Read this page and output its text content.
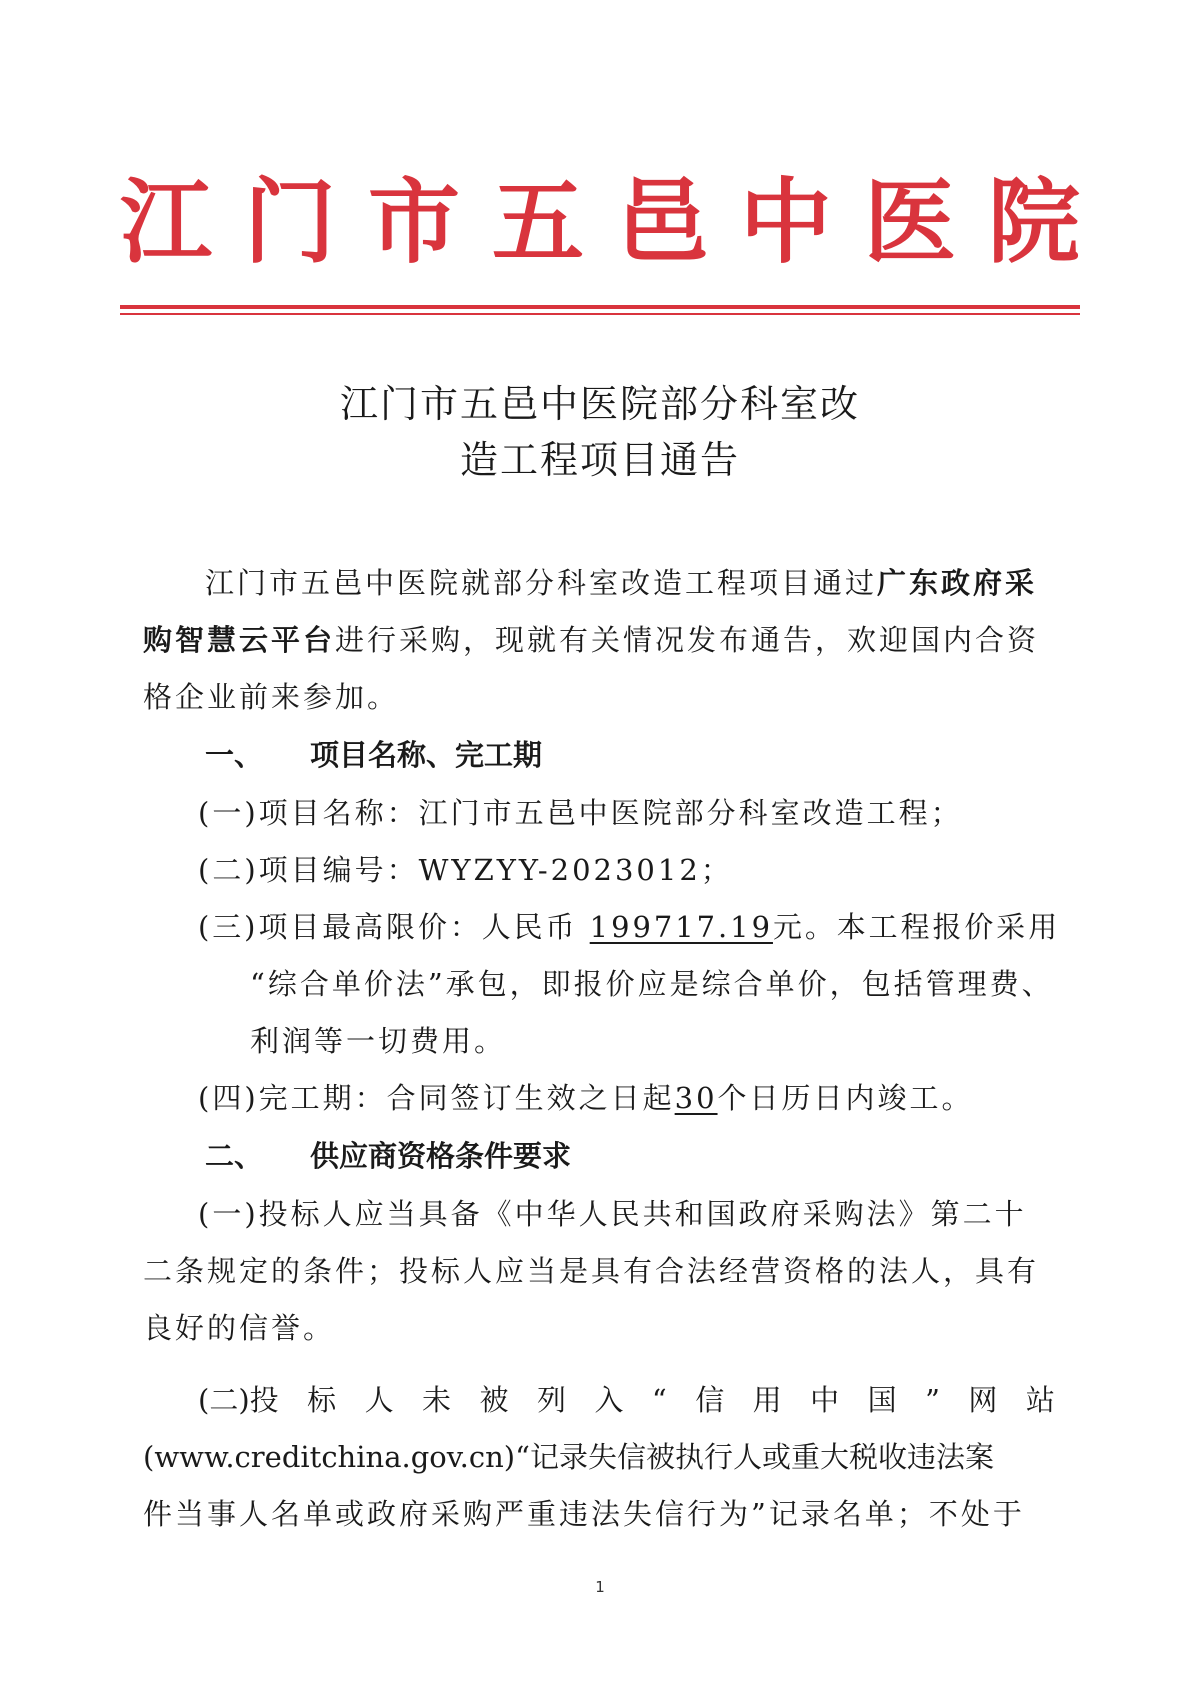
江 门 市 五 邑 中 医 院
江门市五邑中医院部分科室改
造工程项目通告
江门市五邑中医院就部分科室改造工程项目通过广东政府采
购智慧云平台进行采购，现就有关情况发布通告，欢迎国内合资
格企业前来参加。
一、 项目名称、完工期
(一)项目名称：江门市五邑中医院部分科室改造工程；
(二)项目编号：WYZYY-2023012；
(三)项目最高限价：人民币 199717.19元。本工程报价采用
“综合单价法”承包，即报价应是综合单价，包括管理费、
利润等一切费用。
(四)完工期：合同签订生效之日起30个日历日内竣工。
二、 供应商资格条件要求
(一)投标人应当具备《中华人民共和国政府采购法》第二十
二条规定的条件；投标人应当是具有合法经营资格的法人，具有
良好的信誉。
(二)投 标 人 未 被 列 入 “ 信 用 中 国 ” 网 站
(www.creditchina.gov.cn)“记录失信被执行人或重大税收违法案
件当事人名单或政府采购严重违法失信行为”记录名单；不处于
1
